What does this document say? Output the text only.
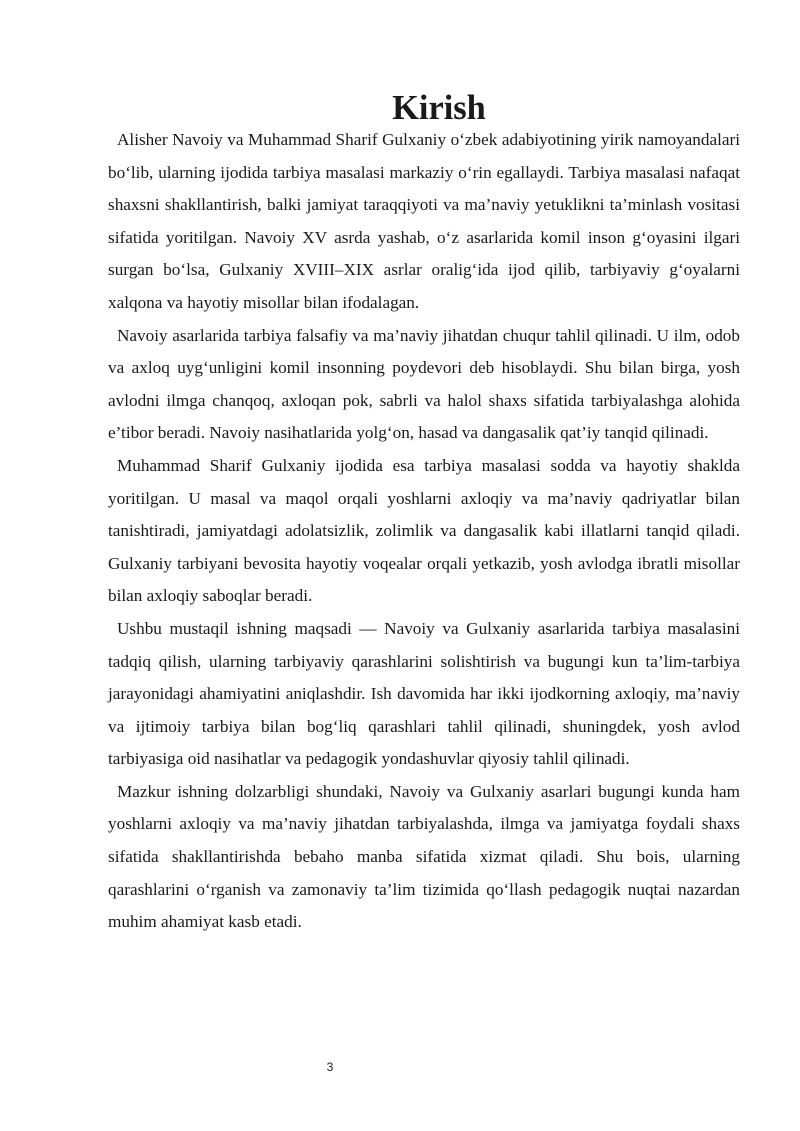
Kirish

Alisher Navoiy va Muhammad Sharif Gulxaniy o‘zbek adabiyotining yirik namoyandalari bo‘lib, ularning ijodida tarbiya masalasi markaziy o‘rin egallaydi. Tarbiya masalasi nafaqat shaxsni shakllantirish, balki jamiyat taraqqiyoti va ma’naviy yetuklikni ta’minlash vositasi sifatida yoritilgan. Navoiy XV asrda yashab, o‘z asarlarida komil inson g‘oyasini ilgari surgan bo‘lsa, Gulxaniy XVIII–XIX asrlar oralig‘ida ijod qilib, tarbiyaviy g‘oyalarni xalqona va hayotiy misollar bilan ifodalagan.

Navoiy asarlarida tarbiya falsafiy va ma’naviy jihatdan chuqur tahlil qilinadi. U ilm, odob va axloq uyg‘unligini komil insonning poydevori deb hisoblaydi. Shu bilan birga, yosh avlodni ilmga chanqoq, axloqan pok, sabrli va halol shaxs sifatida tarbiyalashga alohida e’tibor beradi. Navoiy nasihatlarida yolg‘on, hasad va dangasalik qat’iy tanqid qilinadi.

Muhammad Sharif Gulxaniy ijodida esa tarbiya masalasi sodda va hayotiy shaklda yoritilgan. U masal va maqol orqali yoshlarni axloqiy va ma’naviy qadriyatlar bilan tanishtiradi, jamiyatdagi adolatsizlik, zolimlik va dangasalik kabi illatlarni tanqid qiladi. Gulxaniy tarbiyani bevosita hayotiy voqealar orqali yetkazib, yosh avlodga ibratli misollar bilan axloqiy saboqlar beradi.

Ushbu mustaqil ishning maqsadi — Navoiy va Gulxaniy asarlarida tarbiya masalasini tadqiq qilish, ularning tarbiyaviy qarashlarini solishtirish va bugungi kun ta’lim-tarbiya jarayonidagi ahamiyatini aniqlashdir. Ish davomida har ikki ijodkorning axloqiy, ma’naviy va ijtimoiy tarbiya bilan bog‘liq qarashlari tahlil qilinadi, shuningdek, yosh avlod tarbiyasiga oid nasihatlar va pedagogik yondashuvlar qiyosiy tahlil qilinadi.

Mazkur ishning dolzarbligi shundaki, Navoiy va Gulxaniy asarlari bugungi kunda ham yoshlarni axloqiy va ma’naviy jihatdan tarbiyalashda, ilmga va jamiyatga foydali shaxs sifatida shakllantirishda bebaho manba sifatida xizmat qiladi. Shu bois, ularning qarashlarini o‘rganish va zamonaviy ta’lim tizimida qo‘llash pedagogik nuqtai nazardan muhim ahamiyat kasb etadi.

3
